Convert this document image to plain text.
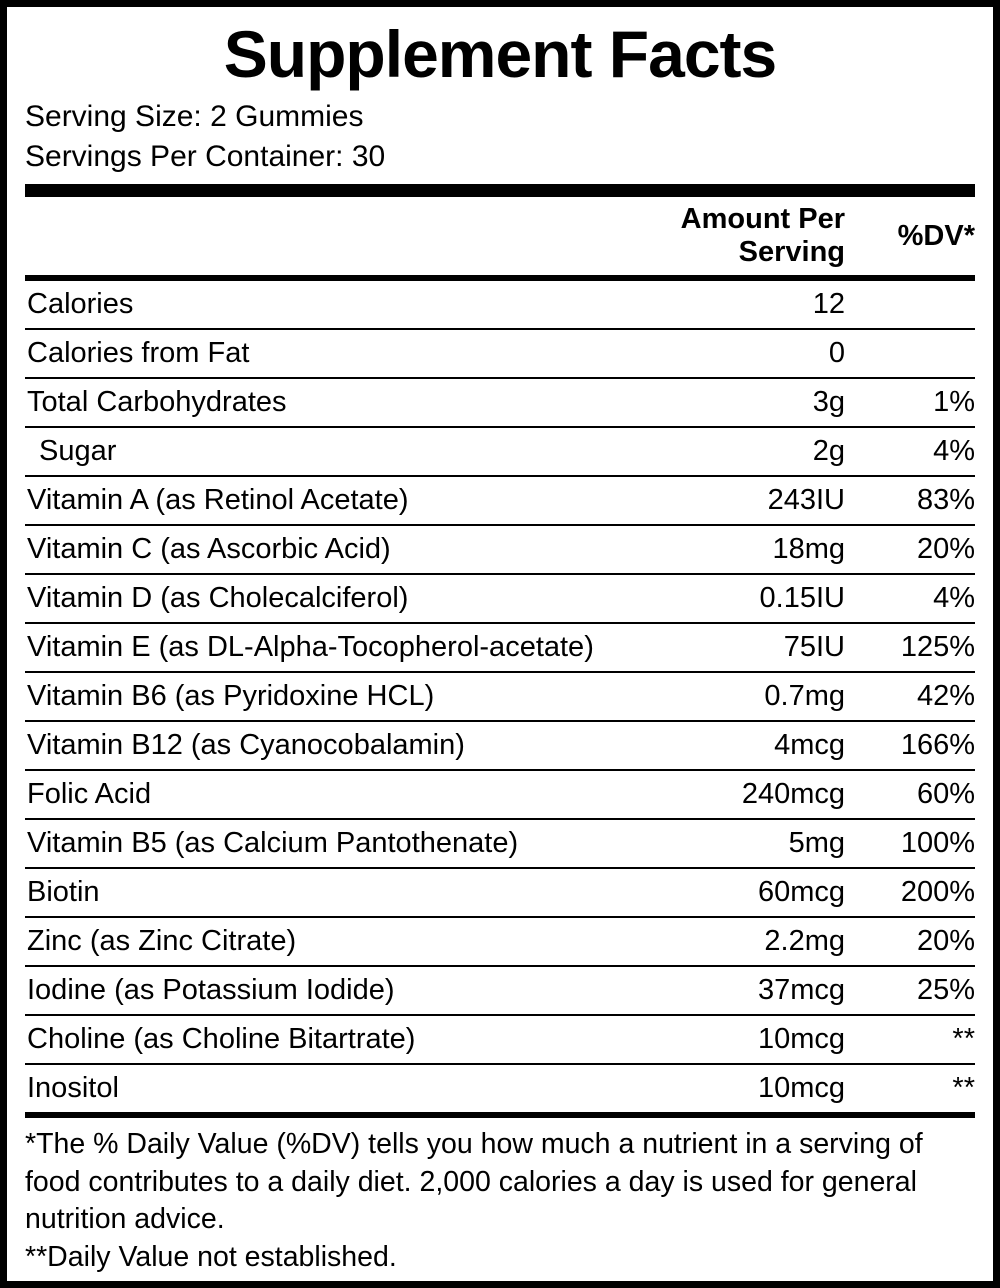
Supplement Facts
Serving Size: 2 Gummies
Servings Per Container: 30
	Amount Per Serving	%DV*
Calories	12	
Calories from Fat	0	
Total Carbohydrates	3g	1%
Sugar	2g	4%
Vitamin A (as Retinol Acetate)	243IU	83%
Vitamin C (as Ascorbic Acid)	18mg	20%
Vitamin D (as Cholecalciferol)	0.15IU	4%
Vitamin E (as DL-Alpha-Tocopherol-acetate)	75IU	125%
Vitamin B6 (as Pyridoxine HCL)	0.7mg	42%
Vitamin B12 (as Cyanocobalamin)	4mcg	166%
Folic Acid	240mcg	60%
Vitamin B5 (as Calcium Pantothenate)	5mg	100%
Biotin	60mcg	200%
Zinc (as Zinc Citrate)	2.2mg	20%
Iodine (as Potassium Iodide)	37mcg	25%
Choline (as Choline Bitartrate)	10mcg	**
Inositol	10mcg	**

*The % Daily Value (%DV) tells you how much a nutrient in a serving of food contributes to a daily diet. 2,000 calories a day is used for general nutrition advice.

**Daily Value not established.
